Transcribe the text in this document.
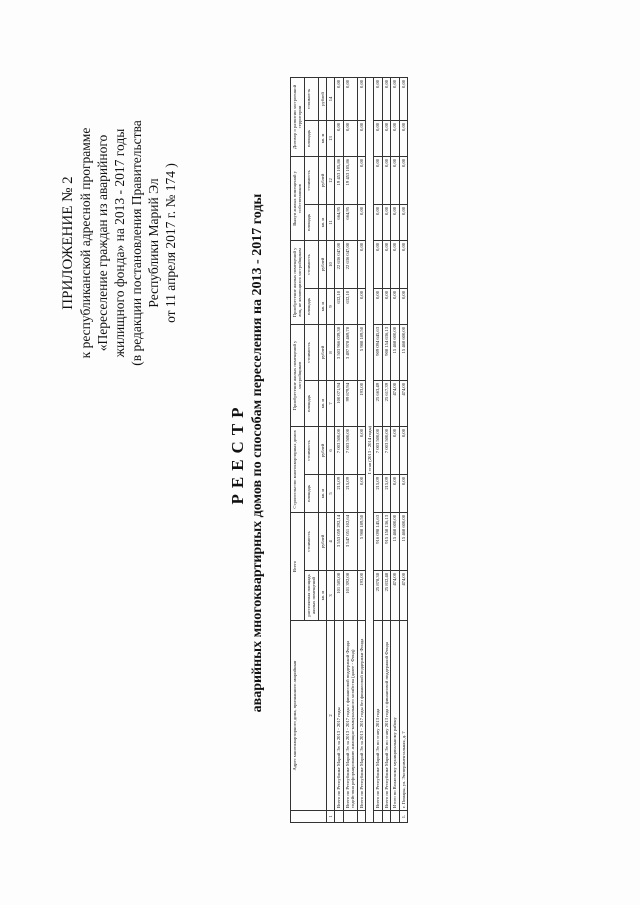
ПРИЛОЖЕНИЕ № 2 к республиканской адресной программе «Переселение граждан из аварийного жилищного фонда» на 2013 - 2017 годы (в редакции постановления Правительства Республики Марий Эл от 11 апреля 2017 г. № 174 )
РЕЕСТР аварийных многоквартирных домов по способам переселения на 2013 - 2017 годы
	Адрес многоквартирного дома, признанного аварийным	Всего		Строительство многоквартирных домов		Приобретение жилых помещений у застройщиков		Приобретение жилых помещений у лиц, не являющихся застройщиком		Выкуп жилых помещений у собственников		Договор о развитии застроенной территории	
		расселяемая площадь жилых помещений	стоимость	площадь	стоимость	площадь	стоимость	площадь	стоимость	площадь	стоимость	площадь	стоимость
		кв. м	рублей	кв. м	рублей	кв. м	рублей	кв. м	рублей	кв. м	рублей	кв. м	рублей
1	2	3	4	5	6	7	8	9	10	11	12	13	14
	Всего по Республике Марий Эл за 2013 - 2017 годы	101 585,08	3 553 059 292,14	215,09	7 003 500,00	100 071,94	3 503 966 039,38	632,10	22 636 047,00	664,95	19 453 105,86	0,00	0,00
	Всего по Республике Марий Эл за 2013 - 2017 годы с финансовой поддержкой Фонда содействия реформированию жилищно-коммунального хозяйства (далее - Фонд)	101 392,08	3 547 051 102,64	215,09	7 003 500,00	99 879,94	3 497 978 469,78	632,10	22 636 047,00	664,95	19 453 105,86	0,00	0,00
	Всего по Республике Марий Эл за 2013 - 2017 годы без финансовой поддержки Фонда	193,00	5 988 189,50	0,00	0,00	193,00	5 988 189,50	0,00	0,00	0,00	0,00	0,00	0,00
I этап (2013 - 2014 годы)													
	Всего по Республике Марий Эл по этапу 2013 года	25 878,38	916 098 145,63	215,09	7 003 500,00	25 663,49	909 094 645,63	0,00	0,00	0,00	0,00	0,00	0,00
	Всего по Республике Марий Эл по этапу 2013 года с финансовой поддержкой Фонда	25 832,48	915 158 136,13	215,09	7 003 500,00	25 617,39	908 154 636,13	0,00	0,00	0,00	0,00	0,00	0,00
	Итого по Волжскому муниципальному району	474,00	15 468 600,00	0,00	0,00	474,00	15 468 600,00	0,00	0,00	0,00	0,00	0,00	0,00
1.	г. Помары, ул. Экспериментальная, д. 7	474,00	15 468 600,00	0,00	0,00	474,00	15 468 600,00	0,00	0,00	0,00	0,00	0,00	0,00
